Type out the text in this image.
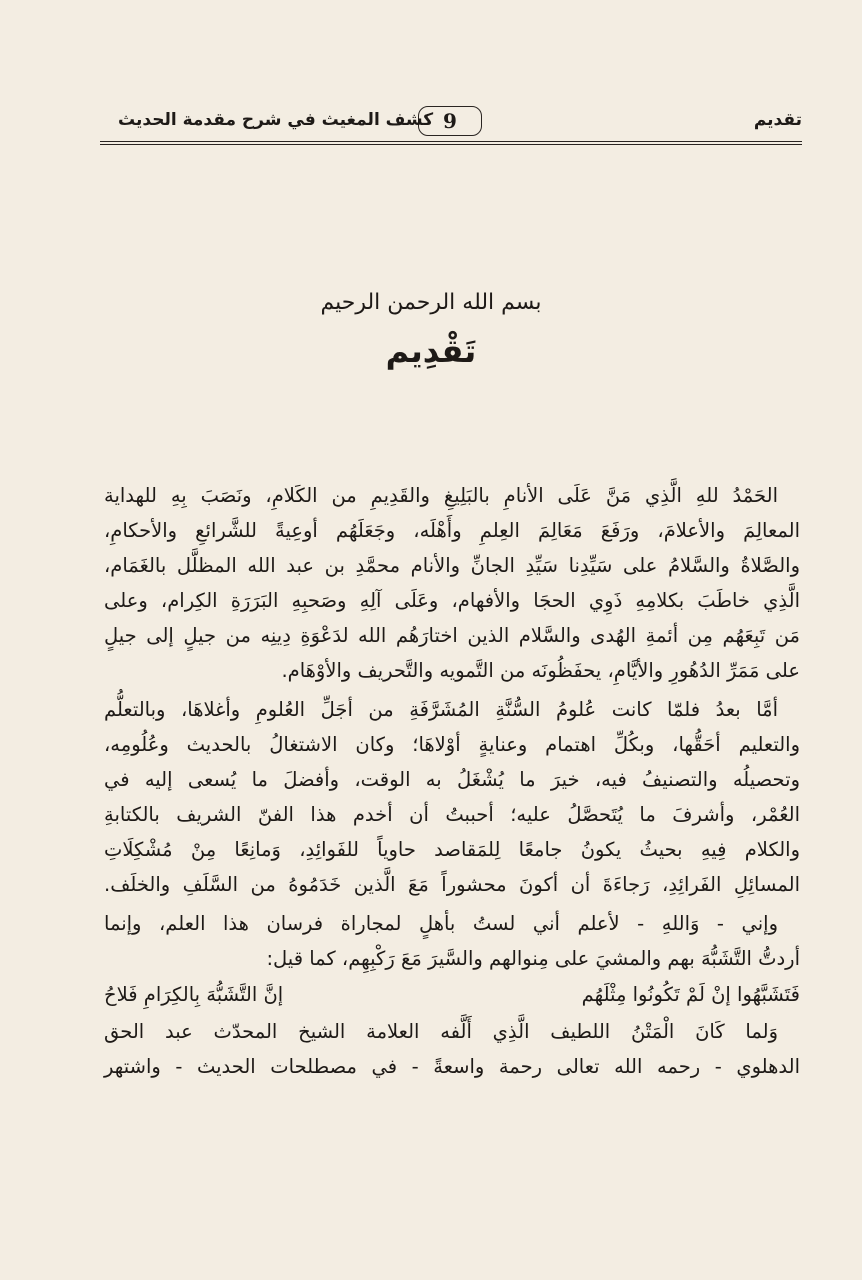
تقديم
9
كشف المغيث في شرح مقدمة الحديث
بسم الله الرحمن الرحيم
تَقْدِيم
الحَمْدُ للهِ الَّذِي مَنَّ عَلَى الأنامِ بالبَلِيغِ والقَدِيمِ من الكَلامِ، ونَصَبَ بِهِ للهداية
المعالِمَ والأعلامَ، ورَفَعَ مَعَالِمَ العِلمِ وأَهْلَه، وجَعَلَهُم أوعِيةً للشَّرائعِ والأحكامِ،
والصَّلاةُ والسَّلامُ على سَيِّدِنا سَيِّدِ الجانِّ والأنام محمَّدِ بن عبد الله المظلَّل بالغَمَام،
الَّذِي خاطَبَ بكلامِهِ ذَوِي الحجَا والأفهام، وعَلَى آلِهِ وصَحبِهِ البَرَرَةِ الكِرام، وعلى
مَن تَبِعَهُم مِن أئمةِ الهُدى والسَّلام الذين اختارَهُم الله لدَعْوَةِ دِينِه من جيلٍ إلى جيلٍ
على مَمَرِّ الدُهُورِ والأيَّامِ، يحفَظُونَه من التَّمويه والتَّحريف والأوْهَام.
أمَّا بعدُ فلمّا كانت عُلومُ السُّنَّةِ المُشَرَّفَةِ من أجَلِّ العُلومِ وأغلاهَا، وبالتعلُّم
والتعليم أحَقُّها، وبكُلِّ اهتمام وعنايةٍ أوْلاهَا؛ وكان الاشتغالُ بالحديث وعُلُومِه،
وتحصيلُه والتصنيفُ فيه، خيرَ ما يُشْغَلُ به الوقت، وأفضلَ ما يُسعى إليه في
العُمْر، وأشرفَ ما يُتَحصَّلُ عليه؛ أحببتُ أن أخدم هذا الفنّ الشريف بالكتابةِ
والكلام فِيهِ بحيثُ يكونُ جامعًا لِلمَقاصد حاوياً للفَوائِدِ، وَمانِعًا مِنْ مُشْكِلَاتِ
المسائِلِ الفَرائِدِ، رَجاءَةَ أن أكونَ محشوراً مَعَ الَّذين خَدَمُوهُ من السَّلَفِ والخلَف.
وإني - وَاللهِ - لأعلم أني لستُ بأهلٍ لمجاراة فرسان هذا العلم، وإنما
أردتُّ التَّشَبُّهَ بهم والمشيَ على مِنوالهم والسَّيرَ مَعَ رَكْبِهِم، كما قيل:
فَتَشَبَّهُوا إنْ لَمْ تَكُونُوا مِثْلَهُم
إنَّ التَّشَبُّهَ بِالكِرَامِ فَلاحُ
وَلما كَانَ الْمَتْنُ اللطيف الَّذِي أَلَّفه العلامة الشيخ المحدّث عبد الحق
الدهلوي - رحمه الله تعالى رحمة واسعةً - في مصطلحات الحديث - واشتهر
